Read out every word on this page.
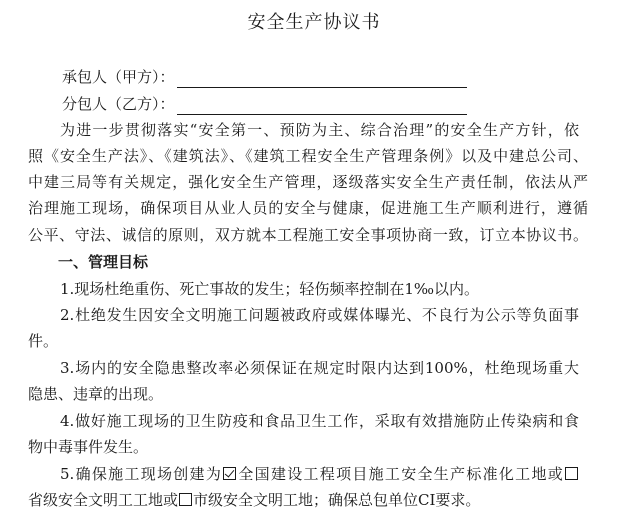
安全生产协议书
承包人（甲方）：
分包人（乙方）：
为进一步贯彻落实“安全第一、预防为主、综合治理”的安全生产方针，依
照《安全生产法》、《建筑法》、《建筑工程安全生产管理条例》以及中建总公司、
中建三局等有关规定，强化安全生产管理，逐级落实安全生产责任制，依法从严
治理施工现场，确保项目从业人员的安全与健康，促进施工生产顺利进行，遵循
公平、守法、诚信的原则，双方就本工程施工安全事项协商一致，订立本协议书。
一、管理目标
1.现场杜绝重伤、死亡事故的发生；轻伤频率控制在1‰以内。
2.杜绝发生因安全文明施工问题被政府或媒体曝光、不良行为公示等负面事
件。
3.场内的安全隐患整改率必须保证在规定时限内达到100%，杜绝现场重大
隐患、违章的出现。
4.做好施工现场的卫生防疫和食品卫生工作，采取有效措施防止传染病和食
物中毒事件发生。
5.确保施工现场创建为 全国建设工程项目施工安全生产标准化工地或
省级安全文明工工地或 市级安全文明工地；确保总包单位CI要求。
